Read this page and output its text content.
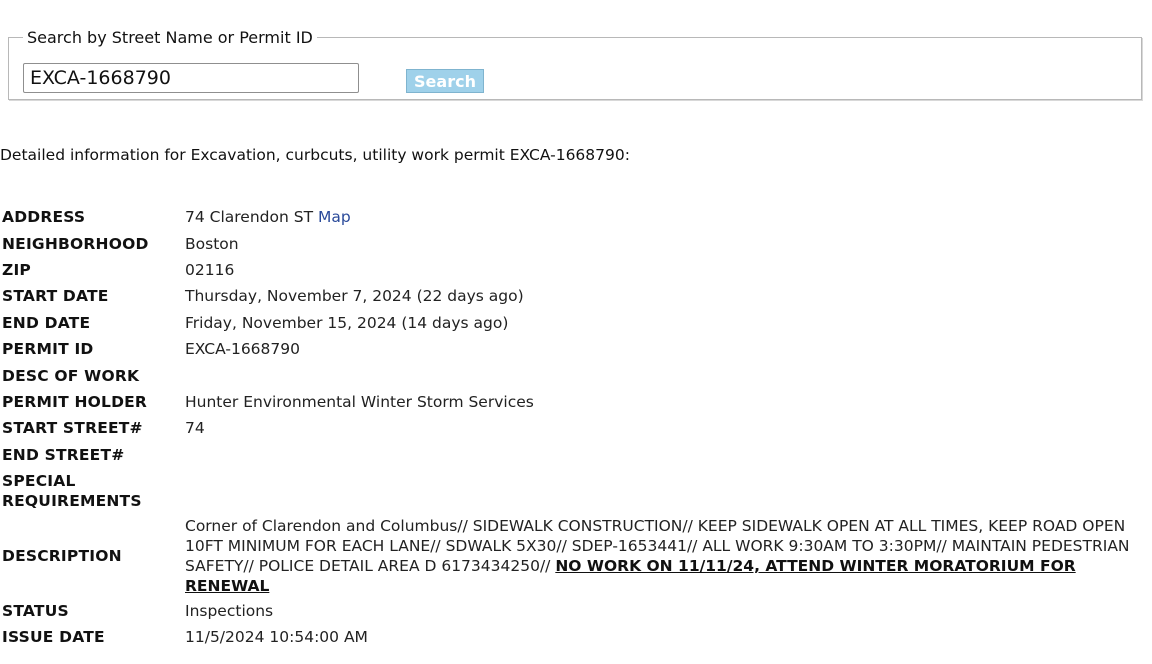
Search by Street Name or Permit ID
EXCA-1668790
Search
Detailed information for Excavation, curbcuts, utility work permit EXCA-1668790:
ADDRESS	74 Clarendon ST Map
NEIGHBORHOOD	Boston
ZIP	02116
START DATE	Thursday, November 7, 2024 (22 days ago)
END DATE	Friday, November 15, 2024 (14 days ago)
PERMIT ID	EXCA-1668790
DESC OF WORK	
PERMIT HOLDER	Hunter Environmental Winter Storm Services
START STREET#	74
END STREET#	

SPECIAL
REQUIREMENTS	

DESCRIPTION	Corner of Clarendon and Columbus// SIDEWALK CONSTRUCTION// KEEP SIDEWALK OPEN AT ALL TIMES, KEEP ROAD OPEN 10FT MINIMUM FOR EACH LANE// SDWALK 5X30// SDEP-1653441// ALL WORK 9:30AM TO 3:30PM// MAINTAIN PEDESTRIAN SAFETY// POLICE DETAIL AREA D 6173434250// NO WORK ON 11/11/24, ATTEND WINTER MORATORIUM FOR RENEWAL

STATUS	Inspections
ISSUE DATE	11/5/2024 10:54:00 AM
